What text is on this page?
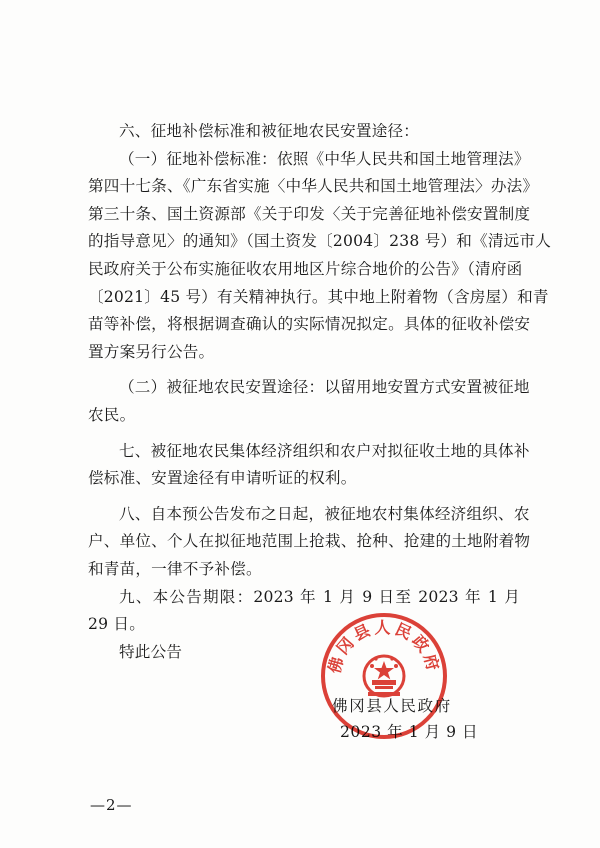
六、征地补偿标准和被征地农民安置途径：

（一）征地补偿标准：依照《中华人民共和国土地管理法》
第四十七条、《广东省实施〈中华人民共和国土地管理法〉办法》
第三十条、国土资源部《关于印发〈关于完善征地补偿安置制度
的指导意见〉的通知》（国土资发〔2004〕238 号）和《清远市人
民政府关于公布实施征收农用地区片综合地价的公告》（清府函
〔2021〕45 号）有关精神执行。其中地上附着物（含房屋）和青
苗等补偿，将根据调查确认的实际情况拟定。具体的征收补偿安
置方案另行公告。

（二）被征地农民安置途径：以留用地安置方式安置被征地
农民。

七、被征地农民集体经济组织和农户对拟征收土地的具体补
偿标准、安置途径有申请听证的权利。

八、自本预公告发布之日起，被征地农村集体经济组织、农
户、单位、个人在拟征地范围上抢栽、抢种、抢建的土地附着物
和青苗，一律不予补偿。

九、本公告期限：2023 年 1 月 9 日至 2023 年 1 月 29 日。

特此公告

佛冈县人民政府
2023 年 1 月 9 日
佛冈县人民政府
—2—
